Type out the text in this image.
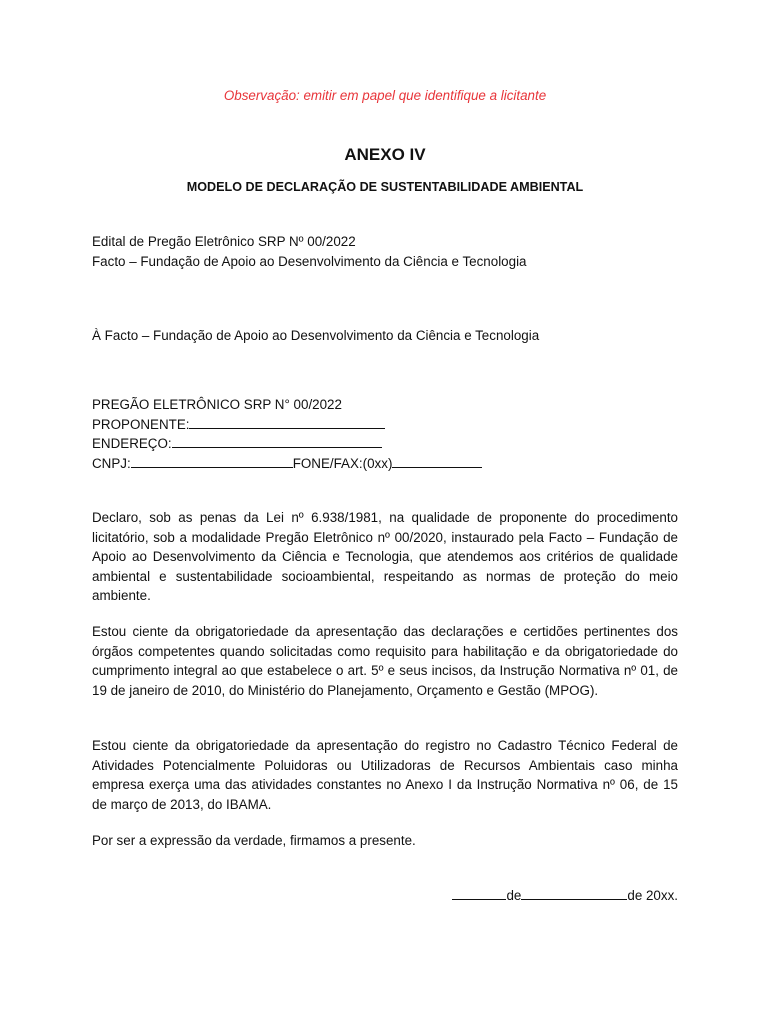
Observação: emitir em papel que identifique a licitante
ANEXO IV
MODELO DE DECLARAÇÃO DE SUSTENTABILIDADE AMBIENTAL
Edital de Pregão Eletrônico SRP Nº 00/2022
Facto – Fundação de Apoio ao Desenvolvimento da Ciência e Tecnologia
À Facto – Fundação de Apoio ao Desenvolvimento da Ciência e Tecnologia
PREGÃO ELETRÔNICO SRP N° 00/2022
PROPONENTE:
ENDEREÇO:
CNPJ:	FONE/FAX:(0xx)
Declaro, sob as penas da Lei nº 6.938/1981, na qualidade de proponente do procedimento licitatório, sob a modalidade Pregão Eletrônico nº 00/2020, instaurado pela Facto – Fundação de Apoio ao Desenvolvimento da Ciência e Tecnologia, que atendemos aos critérios de qualidade ambiental e sustentabilidade socioambiental, respeitando as normas de proteção do meio ambiente.
Estou ciente da obrigatoriedade da apresentação das declarações e certidões pertinentes dos órgãos competentes quando solicitadas como requisito para habilitação e da obrigatoriedade do cumprimento integral ao que estabelece o art. 5º e seus incisos, da Instrução Normativa nº 01, de 19 de janeiro de 2010, do Ministério do Planejamento, Orçamento e Gestão (MPOG).
Estou ciente da obrigatoriedade da apresentação do registro no Cadastro Técnico Federal de Atividades Potencialmente Poluidoras ou Utilizadoras de Recursos Ambientais caso minha empresa exerça uma das atividades constantes no Anexo I da Instrução Normativa nº 06, de 15 de março de 2013, do IBAMA.
Por ser a expressão da verdade, firmamos a presente.
de	de 20xx.
